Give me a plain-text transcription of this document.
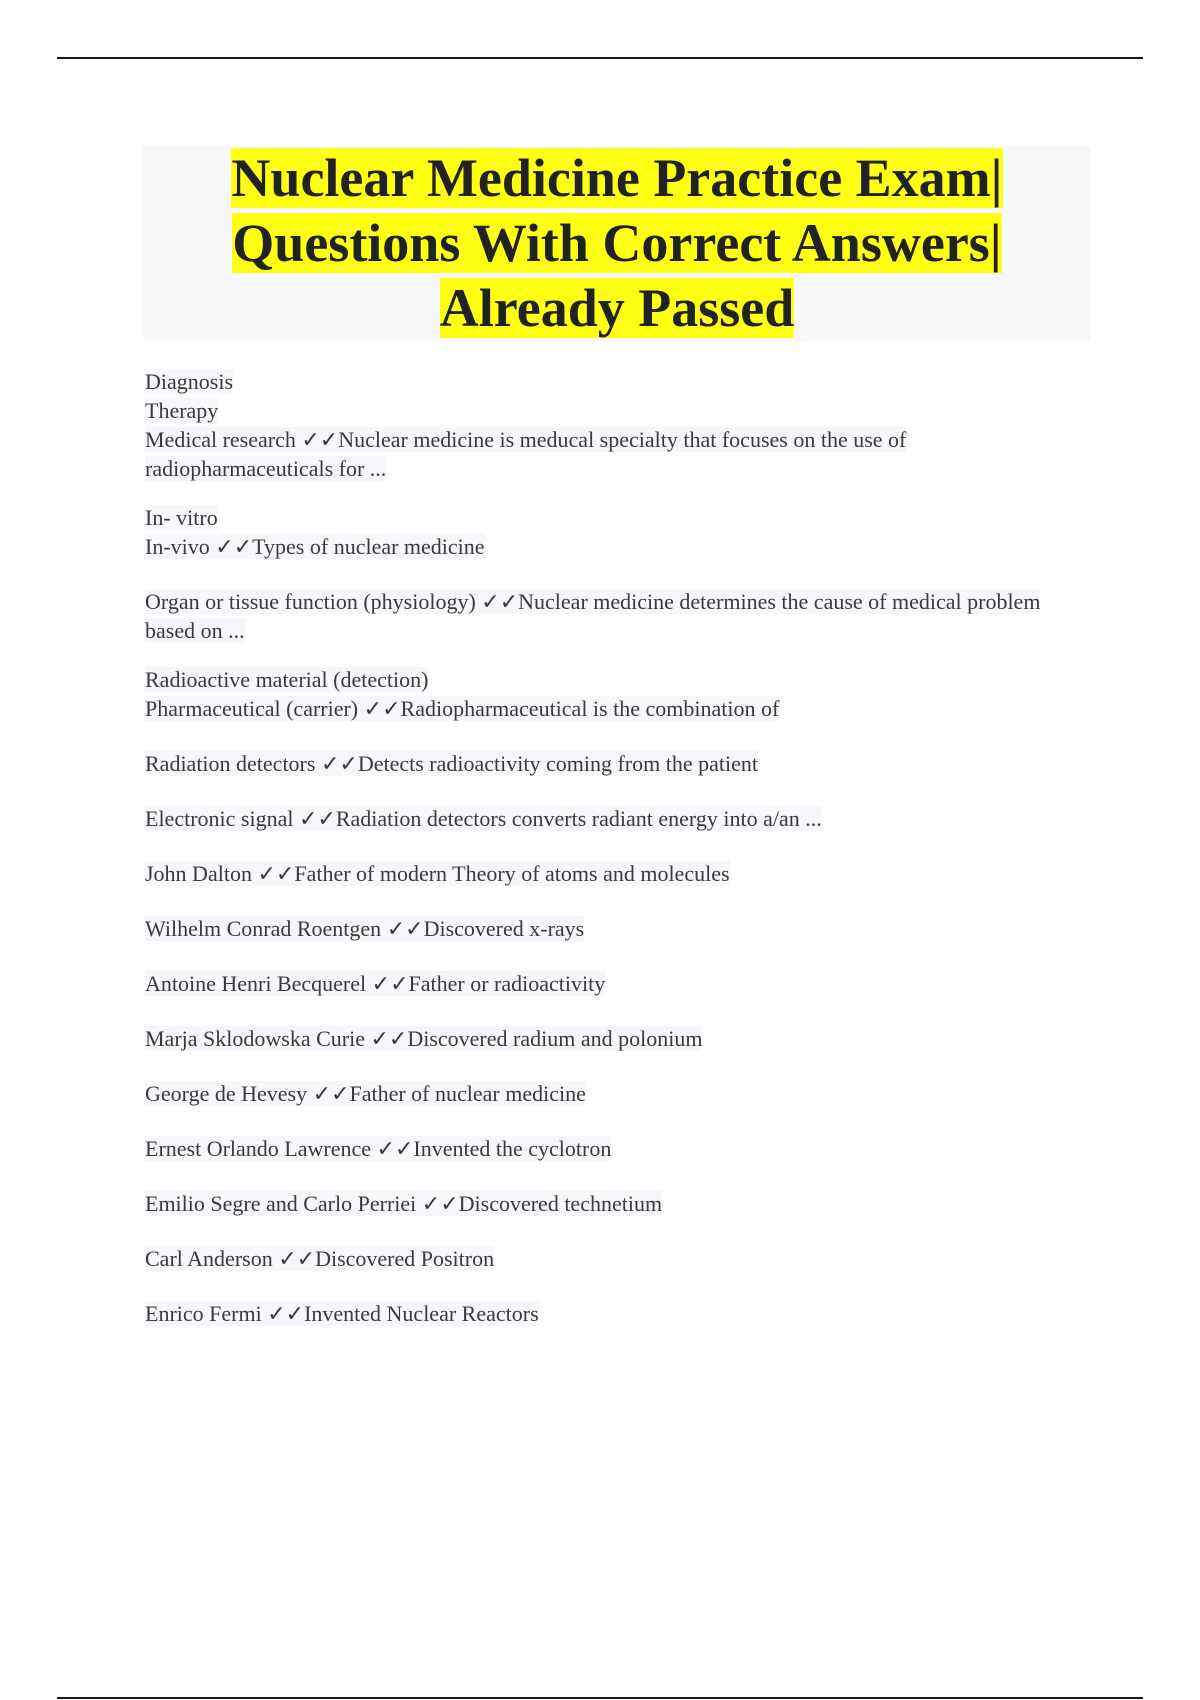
Nuclear Medicine Practice Exam| Questions With Correct Answers| Already Passed
Diagnosis
Therapy
Medical research ✓✓Nuclear medicine is meducal specialty that focuses on the use of radiopharmaceuticals for ...
In- vitro
In-vivo ✓✓Types of nuclear medicine
Organ or tissue function (physiology) ✓✓Nuclear medicine determines the cause of medical problem based on ...
Radioactive material (detection)
Pharmaceutical (carrier) ✓✓Radiopharmaceutical is the combination of
Radiation detectors ✓✓Detects radioactivity coming from the patient
Electronic signal ✓✓Radiation detectors converts radiant energy into a/an ...
John Dalton ✓✓Father of modern Theory of atoms and molecules
Wilhelm Conrad Roentgen ✓✓Discovered x-rays
Antoine Henri Becquerel ✓✓Father or radioactivity
Marja Sklodowska Curie ✓✓Discovered radium and polonium
George de Hevesy ✓✓Father of nuclear medicine
Ernest Orlando Lawrence ✓✓Invented the cyclotron
Emilio Segre and Carlo Perriei ✓✓Discovered technetium
Carl Anderson ✓✓Discovered Positron
Enrico Fermi ✓✓Invented Nuclear Reactors
